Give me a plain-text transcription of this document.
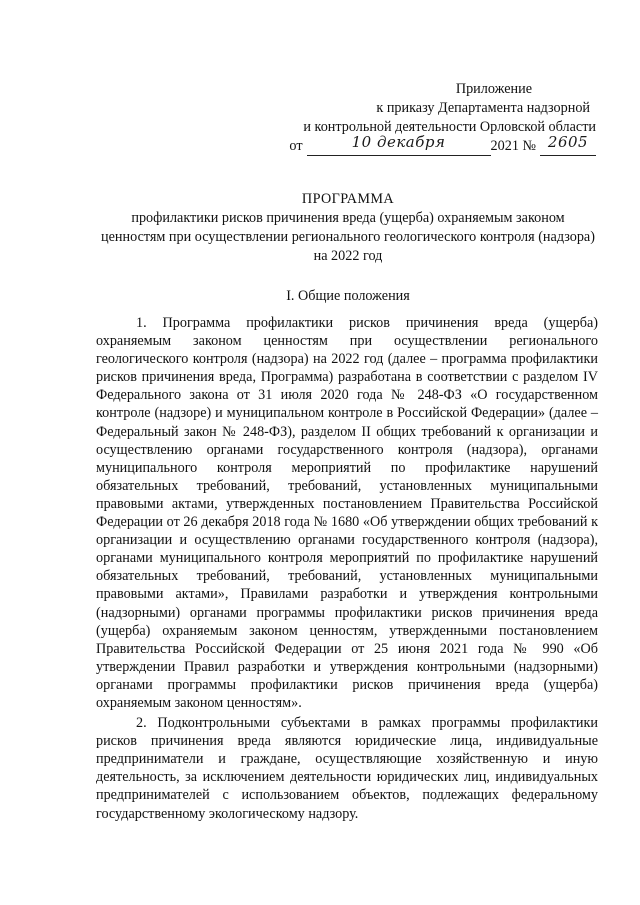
Приложение
к приказу Департамента надзорной
и контрольной деятельности Орловской области
от	10 декабря	2021 № 2605
ПРОГРАММА
профилактики рисков причинения вреда (ущерба) охраняемым законом ценностям при осуществлении регионального геологического контроля (надзора) на 2022 год
I. Общие положения

1. Программа профилактики рисков причинения вреда (ущерба) охраняемым законом ценностям при осуществлении регионального геологического контроля (надзора) на 2022 год (далее – программа профилактики рисков причинения вреда, Программа) разработана в соответствии с разделом IV Федерального закона от 31 июля 2020 года № 248-ФЗ «О государственном контроле (надзоре) и муниципальном контроле в Российской Федерации» (далее – Федеральный закон № 248-ФЗ), разделом II общих требований к организации и осуществлению органами государственного контроля (надзора), органами муниципального контроля мероприятий по профилактике нарушений обязательных требований, требований, установленных муниципальными правовыми актами, утвержденных постановлением Правительства Российской Федерации от 26 декабря 2018 года № 1680 «Об утверждении общих требований к организации и осуществлению органами государственного контроля (надзора), органами муниципального контроля мероприятий по профилактике нарушений обязательных требований, требований, установленных муниципальными правовыми актами», Правилами разработки и утверждения контрольными (надзорными) органами программы профилактики рисков причинения вреда (ущерба) охраняемым законом ценностям, утвержденными постановлением Правительства Российской Федерации от 25 июня 2021 года № 990 «Об утверждении Правил разработки и утверждения контрольными (надзорными) органами программы профилактики рисков причинения вреда (ущерба) охраняемым законом ценностям».

2. Подконтрольными субъектами в рамках программы профилактики рисков причинения вреда являются юридические лица, индивидуальные предприниматели и граждане, осуществляющие хозяйственную и иную деятельность, за исключением деятельности юридических лиц, индивидуальных предпринимателей с использованием объектов, подлежащих федеральному государственному экологическому надзору.
